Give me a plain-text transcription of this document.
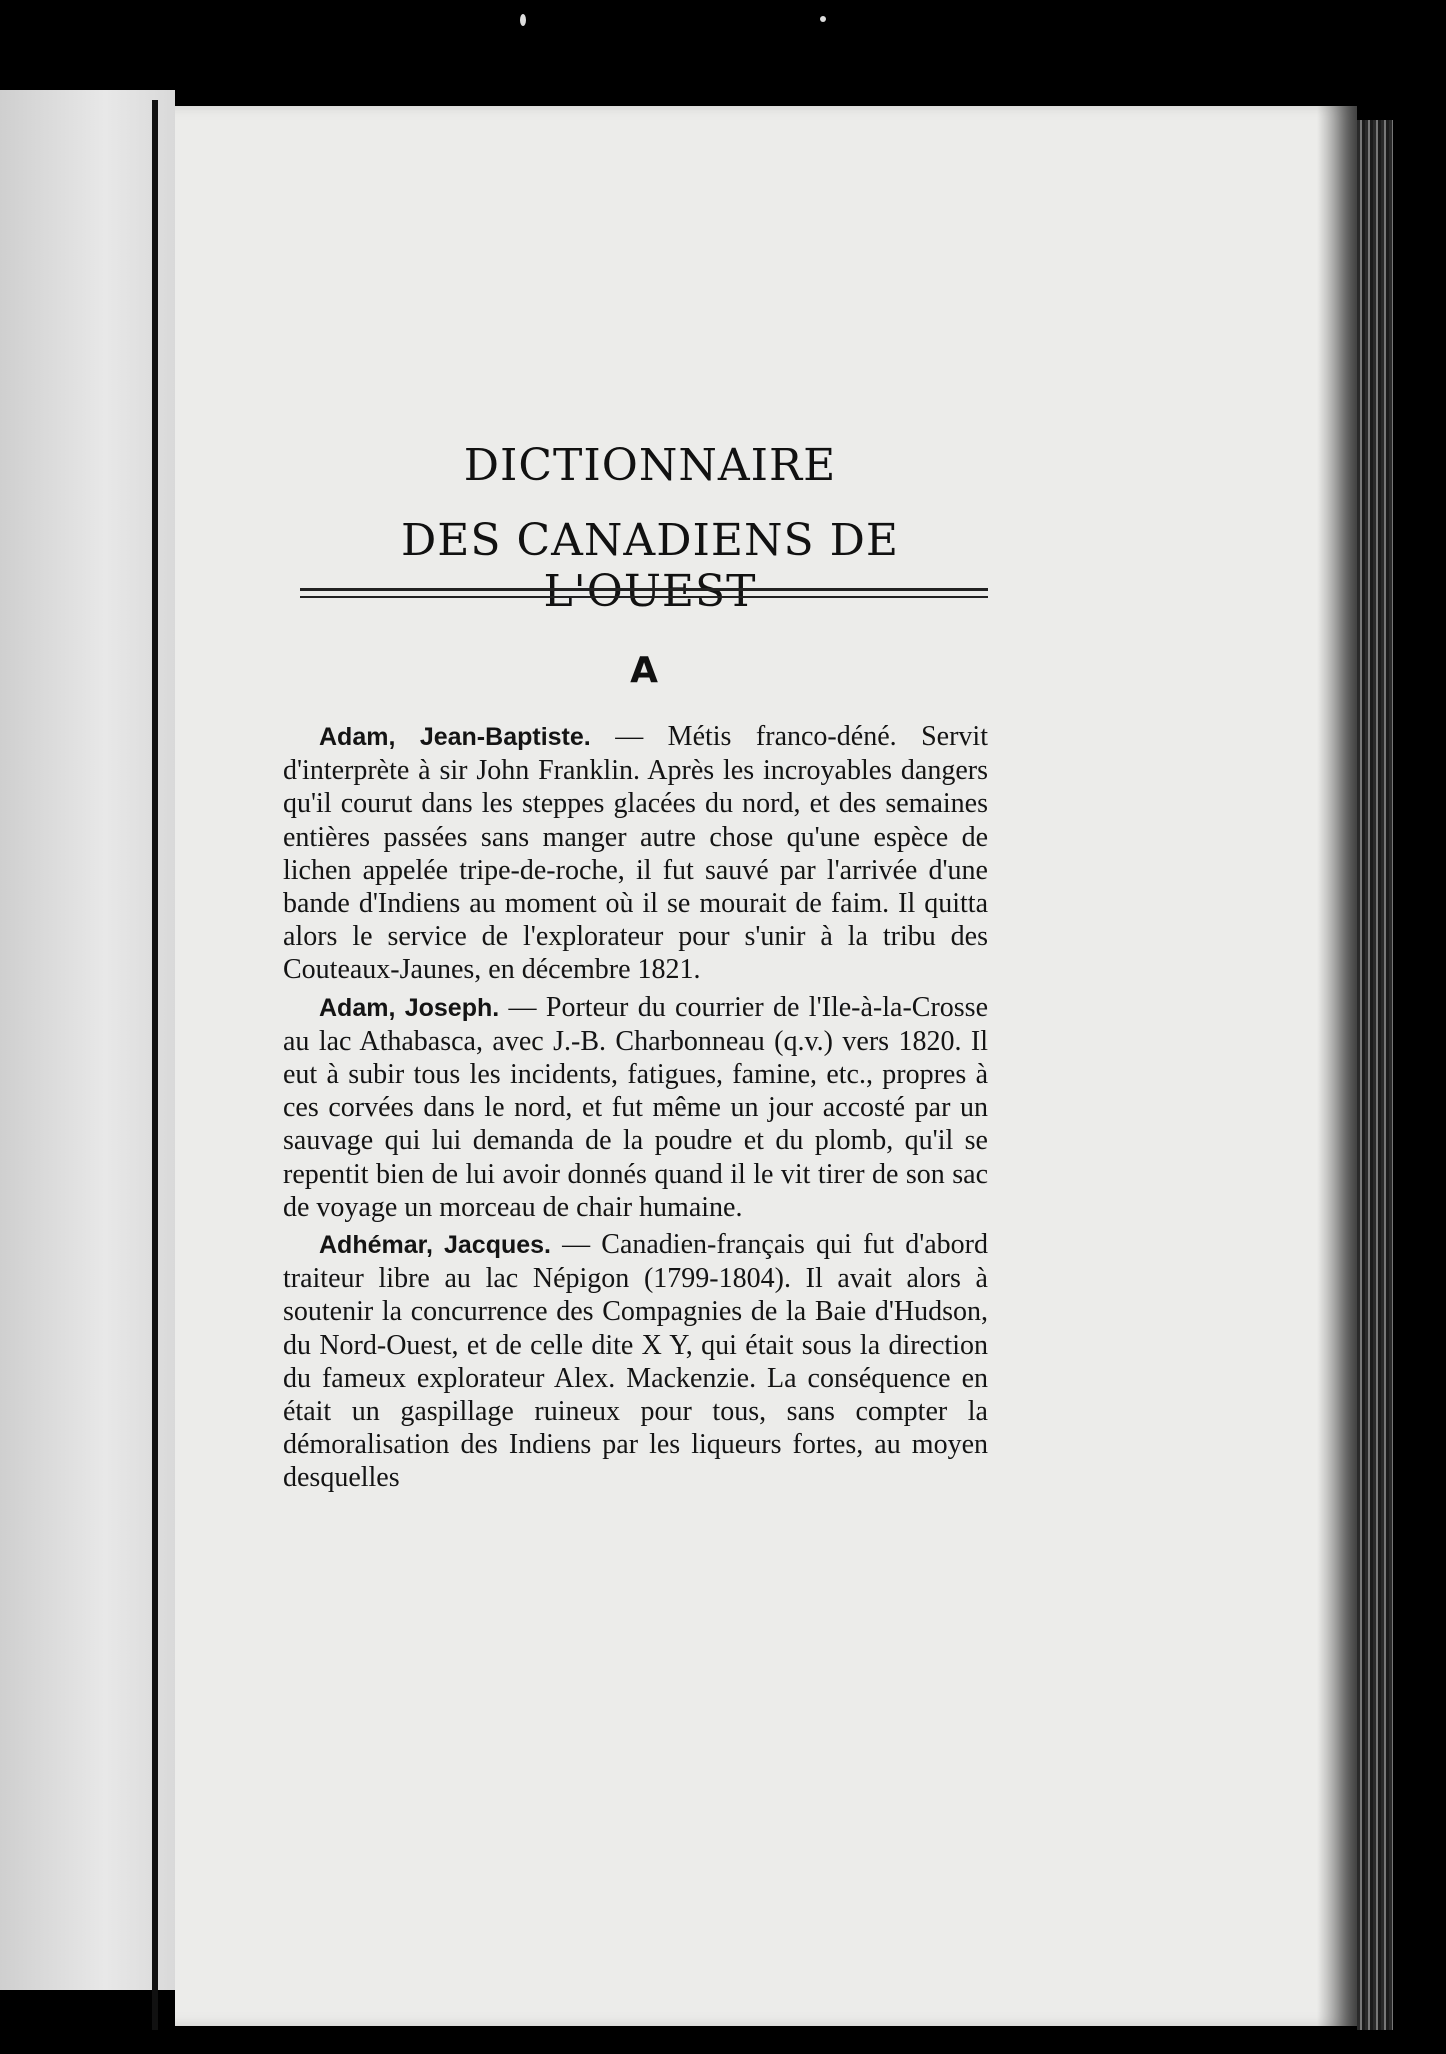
DICTIONNAIRE
DES CANADIENS DE L'OUEST
A

Adam, Jean-Baptiste. — Métis franco-déné. Servit d'interprète à sir John Franklin. Après les incroyables dangers qu'il courut dans les steppes glacées du nord, et des semaines entières passées sans manger autre chose qu'une espèce de lichen appelée tripe-de-roche, il fut sauvé par l'arrivée d'une bande d'Indiens au moment où il se mourait de faim. Il quitta alors le service de l'explorateur pour s'unir à la tribu des Couteaux-Jaunes, en décembre 1821.

Adam, Joseph. — Porteur du courrier de l'Ile-à-la-Crosse au lac Athabasca, avec J.-B. Charbonneau (q.v.) vers 1820. Il eut à subir tous les incidents, fatigues, famine, etc., propres à ces corvées dans le nord, et fut même un jour accosté par un sauvage qui lui demanda de la poudre et du plomb, qu'il se repentit bien de lui avoir donnés quand il le vit tirer de son sac de voyage un morceau de chair humaine.

Adhémar, Jacques. — Canadien-français qui fut d'abord traiteur libre au lac Népigon (1799-1804). Il avait alors à soutenir la concurrence des Compagnies de la Baie d'Hudson, du Nord-Ouest, et de celle dite X Y, qui était sous la direction du fameux explorateur Alex. Mackenzie. La conséquence en était un gaspillage ruineux pour tous, sans compter la démoralisation des Indiens par les liqueurs fortes, au moyen desquelles
